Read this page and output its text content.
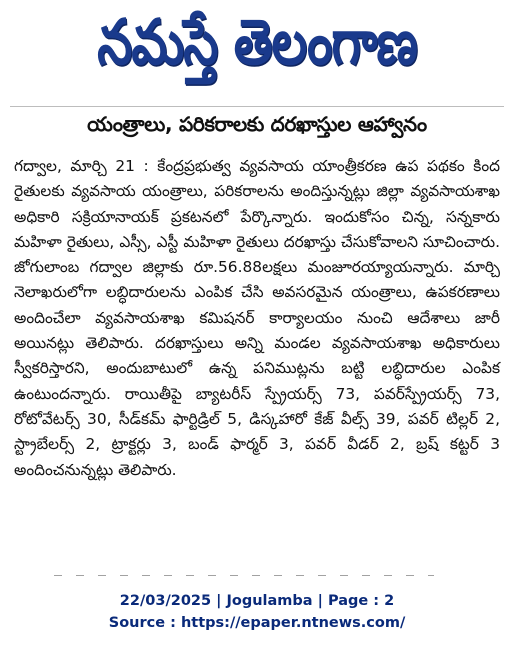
నమస్తే తెలంగాణ
యంత్రాలు, పరికరాలకు దరఖాస్తుల ఆహ్వానం
గద్వాల, మార్చి 21 : కేంద్రప్రభుత్వ వ్యవసాయ యాంత్రీకరణ ఉప పథకం కింద రైతులకు వ్యవసాయ యంత్రాలు, పరికరాలను అందిస్తున్నట్లు జిల్లా వ్యవసాయశాఖ అధికారి సక్రియానాయక్ ప్రకటనలో పేర్కొన్నారు. ఇందుకోసం చిన్న, సన్నకారు మహిళా రైతులు, ఎస్సీ, ఎస్టీ మహిళా రైతులు దరఖాస్తు చేసుకోవాలని సూచించారు. జోగులాంబ గద్వాల జిల్లాకు రూ.56.88లక్షలు మంజూరయ్యాయన్నారు. మార్చి నెలాఖరులోగా లబ్ధిదారులను ఎంపిక చేసి అవసరమైన యంత్రాలు, ఉపకరణాలు అందించేలా వ్యవసాయశాఖ కమిషనర్ కార్యాలయం నుంచి ఆదేశాలు జారీ అయినట్లు తెలిపారు. దరఖాస్తులు అన్ని మండల వ్యవసాయశాఖ అధికారులు స్వీకరిస్తారని, అందుబాటులో ఉన్న పనిముట్లను బట్టి లబ్ధిదారుల ఎంపిక ఉంటుందన్నారు. రాయితీపై బ్యాటరీస్ స్ప్రేయర్స్ 73, పవర్‌స్ప్రేయర్స్ 73, రోటోవేటర్స్ 30, సీడ్‌కమ్ ఫార్టిడ్రిల్ 5, డిస్కహారో కేజ్ వీల్స్ 39, పవర్ టిల్లర్ 2, స్ట్రాబేలర్స్ 2, ట్రాక్టర్లు 3, బండ్ ఫార్మర్ 3, పవర్ వీడర్ 2, బ్రష్ కట్టర్ 3 అందించనున్నట్లు తెలిపారు.
22/03/2025 | Jogulamba | Page : 2
Source : https://epaper.ntnews.com/
